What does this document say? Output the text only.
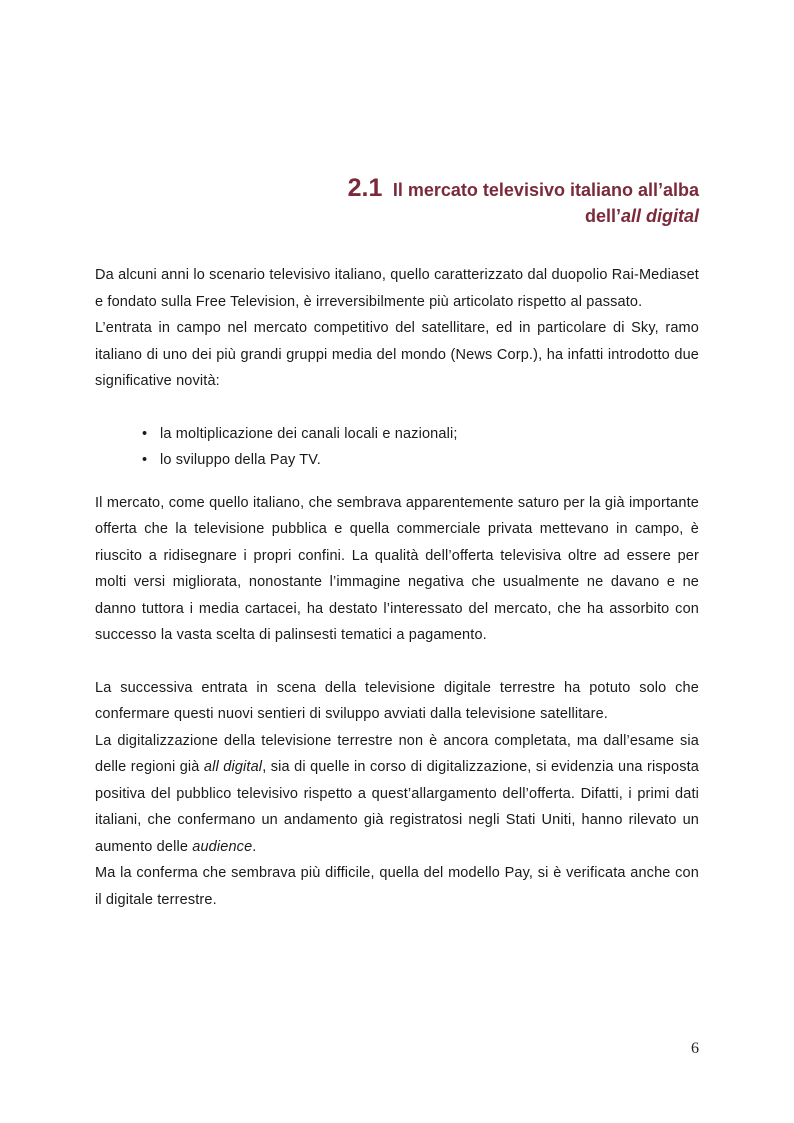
2.1 Il mercato televisivo italiano all’alba
dell’all digital

Da alcuni anni lo scenario televisivo italiano, quello caratterizzato dal duopolio Rai-Mediaset e fondato sulla Free Television, è irreversibilmente più articolato rispetto al passato.

L’entrata in campo nel mercato competitivo del satellitare, ed in particolare di Sky, ramo italiano di uno dei più grandi gruppi media del mondo (News Corp.), ha infatti introdotto due significative novità:

• la moltiplicazione dei canali locali e nazionali;
• lo sviluppo della Pay TV.

Il mercato, come quello italiano, che sembrava apparentemente saturo per la già importante offerta che la televisione pubblica e quella commerciale privata mettevano in campo, è riuscito a ridisegnare i propri confini. La qualità dell’offerta televisiva oltre ad essere per molti versi migliorata, nonostante l’immagine negativa che usualmente ne davano e ne danno tuttora i media cartacei, ha destato l’interessato del mercato, che ha assorbito con successo la vasta scelta di palinsesti tematici a pagamento.

La successiva entrata in scena della televisione digitale terrestre ha potuto solo che confermare questi nuovi sentieri di sviluppo avviati dalla televisione satellitare.

La digitalizzazione della televisione terrestre non è ancora completata, ma dall’esame sia delle regioni già all digital, sia di quelle in corso di digitalizzazione, si evidenzia una risposta positiva del pubblico televisivo rispetto a quest’allargamento dell’offerta. Difatti, i primi dati italiani, che confermano un andamento già registratosi negli Stati Uniti, hanno rilevato un aumento delle audience.

Ma la conferma che sembrava più difficile, quella del modello Pay, si è verificata anche con il digitale terrestre.

6
